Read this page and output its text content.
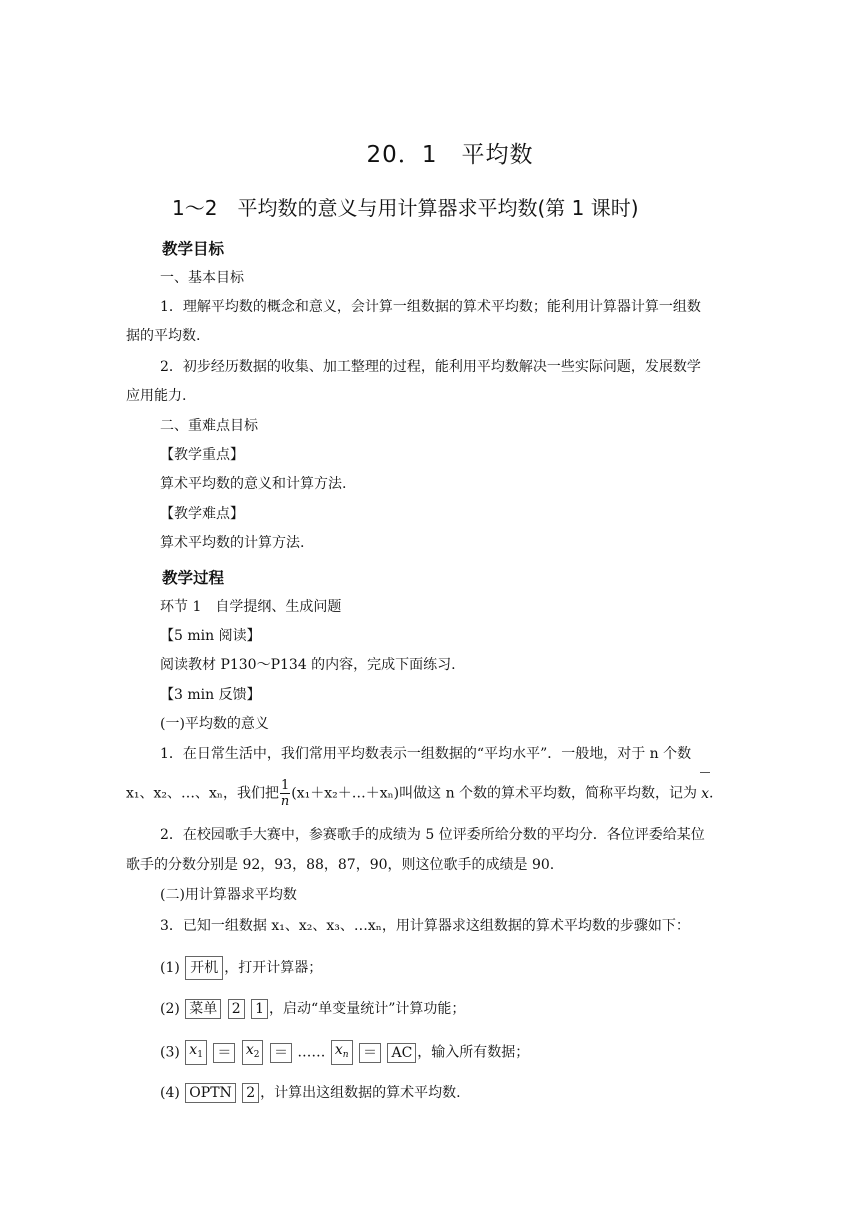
20．1　平均数
1～2　平均数的意义与用计算器求平均数(第 1 课时)
教学目标
一、基本目标
1．理解平均数的概念和意义，会计算一组数据的算术平均数；能利用计算器计算一组数
据的平均数.
2．初步经历数据的收集、加工整理的过程，能利用平均数解决一些实际问题，发展数学
应用能力.
二、重难点目标
【教学重点】
算术平均数的意义和计算方法.
【教学难点】
算术平均数的计算方法.
教学过程
环节 1　自学提纲、生成问题
【5 min 阅读】
阅读教材 P130～P134 的内容，完成下面练习.
【3 min 反馈】
(一)平均数的意义
1．在日常生活中，我们常用平均数表示一组数据的“平均水平”．一般地，对于 n 个数
x₁、x₂、…、xₙ，我们把 $\frac{1}{n}$ (x₁＋x₂＋…＋xₙ)叫做这 n 个数的算术平均数，简称平均数，记为 x.
2．在校园歌手大赛中，参赛歌手的成绩为 5 位评委所给分数的平均分．各位评委给某位
歌手的分数分别是 92，93，88，87，90，则这位歌手的成绩是 90.
(二)用计算器求平均数
3．已知一组数据 x₁、x₂、x₃、…xₙ，用计算器求这组数据的算术平均数的步骤如下：
(1) 开机 ，打开计算器；
(2) 菜单 2 1 ，启动“单变量统计”计算功能；
(3) $x_1 = x_2$ ＝ …… $x_n$ ＝ AC ，输入所有数据；
(4) OPTN 2 ，计算出这组数据的算术平均数.
